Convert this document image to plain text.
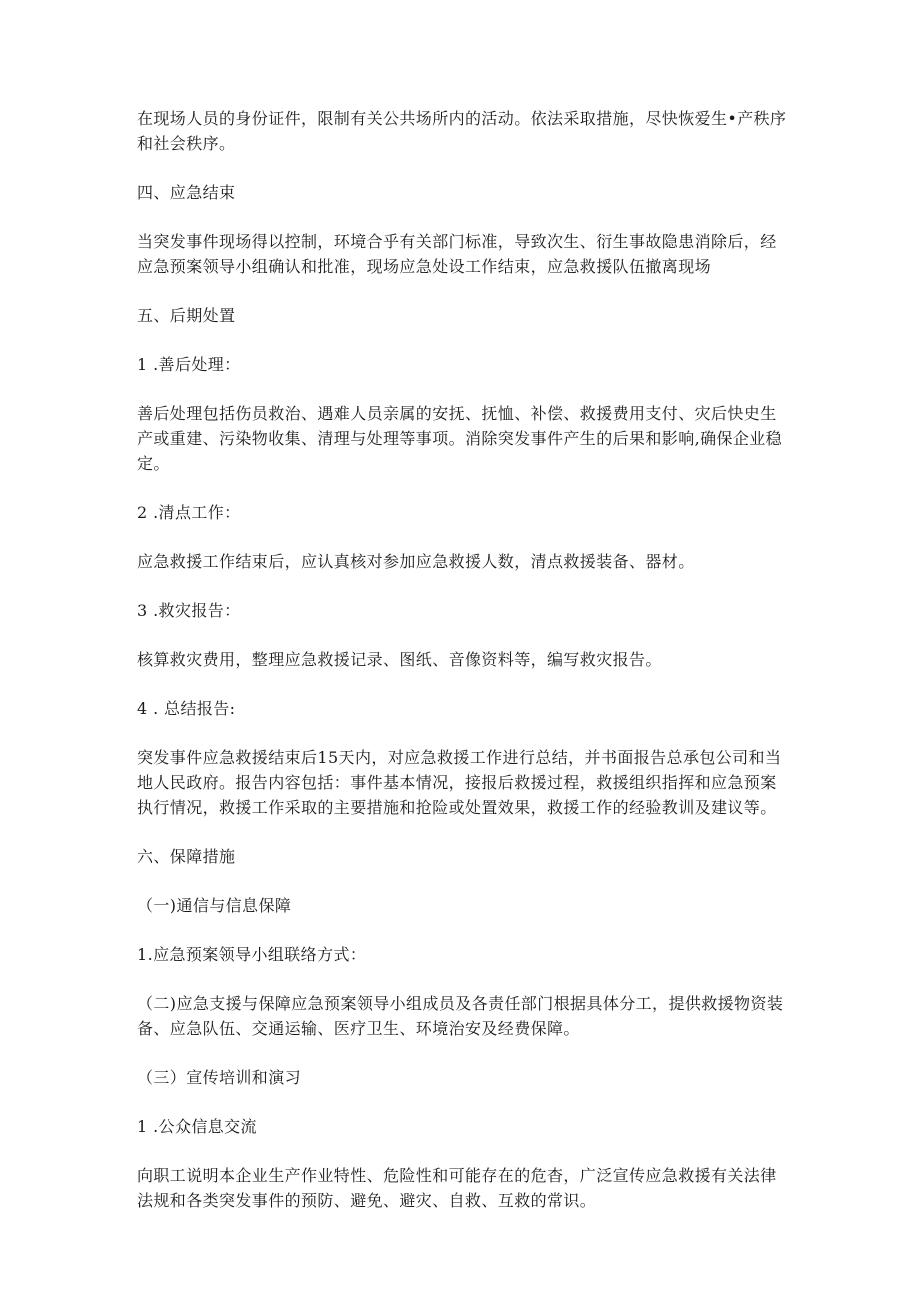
在现场人员的身份证件，限制有关公共场所内的活动。依法采取措施，尽快恢爱生•产秩序和社会秩序。

四、应急结束

当突发事件现场得以控制，环境合乎有关部门标准，导致次生、衍生事故隐患消除后，经应急预案领导小组确认和批准，现场应急处设工作结束，应急救援队伍撤离现场

五、后期处置

1 .善后处理：

善后处理包括伤员救治、遇难人员亲属的安抚、抚恤、补偿、救援费用支付、灾后快史生产或重建、污染物收集、清理与处理等事项。消除突发事件产生的后果和影响,确保企业稳定。

2 .清点工作：

应急救援工作结束后，应认真核对参加应急救援人数，清点救援装备、器材。

3 .救灾报告：

核算救灾费用，整理应急救援记录、图纸、音像资料等，编写救灾报告。

4 . 总结报告:

突发事件应急救援结束后15天内，对应急救援工作进行总结，并书面报告总承包公司和当地人民政府。报告内容包括：事件基本情况，接报后救援过程，救援组织指挥和应急预案执行情况，救援工作采取的主要措施和抢险或处置效果，救援工作的经验教训及建议等。

六、保障措施

（一)通信与信息保障

1.应急预案领导小组联络方式：

（二)应急支援与保障应急预案领导小组成员及各责任部门根据具体分工，提供救援物资装备、应急队伍、交通运输、医疗卫生、环境治安及经费保障。

（三）宣传培训和演习

1 .公众信息交流

向职工说明本企业生产作业特性、危险性和可能存在的危杳，广泛宣传应急救援有关法律法规和各类突发事件的预防、避免、避灾、自救、互救的常识。
